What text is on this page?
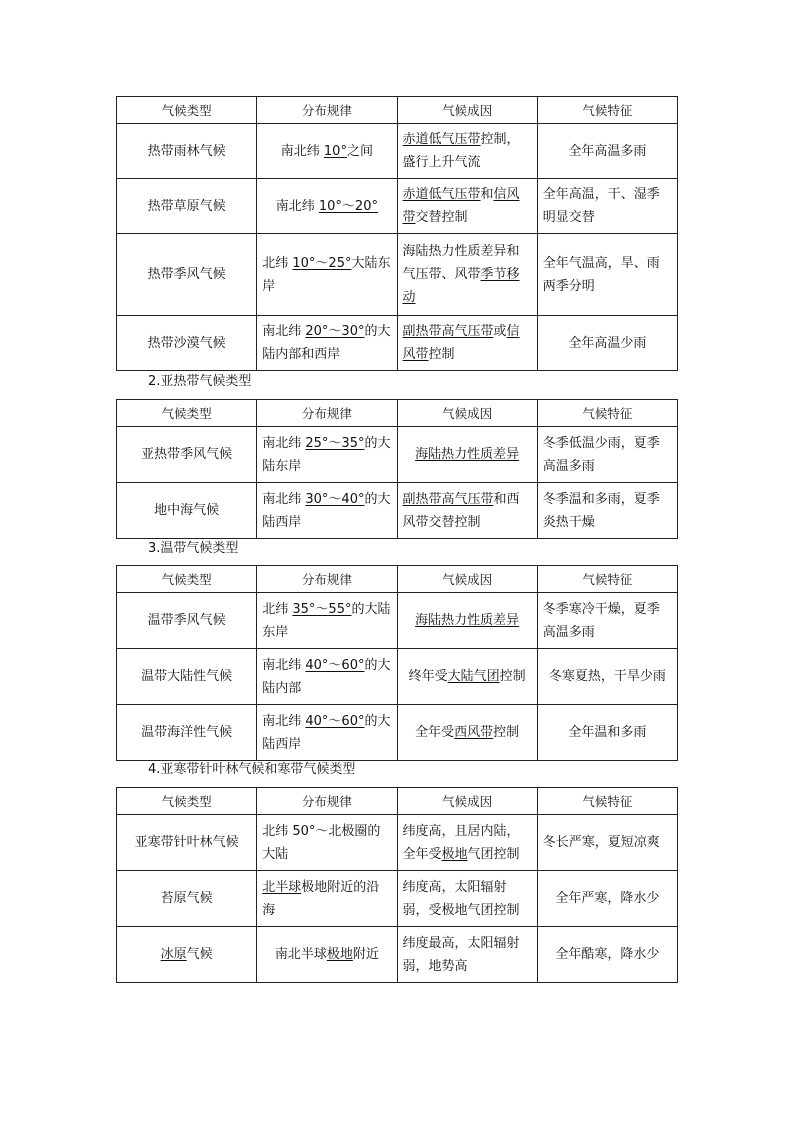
气候类型	分布规律	气候成因	气候特征
热带雨林气候	南北纬 10°之间	赤道低气压带控制，盛行上升气流	全年高温多雨
热带草原气候	南北纬 10°～20°	赤道低气压带和信风带交替控制	全年高温，干、湿季明显交替
热带季风气候	北纬 10°～25°大陆东岸	海陆热力性质差异和气压带、风带季节移动	全年气温高，旱、雨两季分明
热带沙漠气候	南北纬 20°～30°的大陆内部和西岸	副热带高气压带或信风带控制	全年高温少雨
2.亚热带气候类型
气候类型	分布规律	气候成因	气候特征
亚热带季风气候	南北纬 25°～35°的大陆东岸	海陆热力性质差异	冬季低温少雨，夏季高温多雨
地中海气候	南北纬 30°～40°的大陆西岸	副热带高气压带和西风带交替控制	冬季温和多雨，夏季炎热干燥
3.温带气候类型
气候类型	分布规律	气候成因	气候特征
温带季风气候	北纬 35°～55°的大陆东岸	海陆热力性质差异	冬季寒冷干燥，夏季高温多雨
温带大陆性气候	南北纬 40°～60°的大陆内部	终年受大陆气团控制	冬寒夏热，干旱少雨
温带海洋性气候	南北纬 40°～60°的大陆西岸	全年受西风带控制	全年温和多雨
4.亚寒带针叶林气候和寒带气候类型
气候类型	分布规律	气候成因	气候特征
亚寒带针叶林气候	北纬 50°～北极圈的大陆	纬度高，且居内陆，全年受极地气团控制	冬长严寒，夏短凉爽
苔原气候	北半球极地附近的沿海	纬度高，太阳辐射弱，受极地气团控制	全年严寒，降水少
冰原气候	南北半球极地附近	纬度最高，太阳辐射弱，地势高	全年酷寒，降水少
